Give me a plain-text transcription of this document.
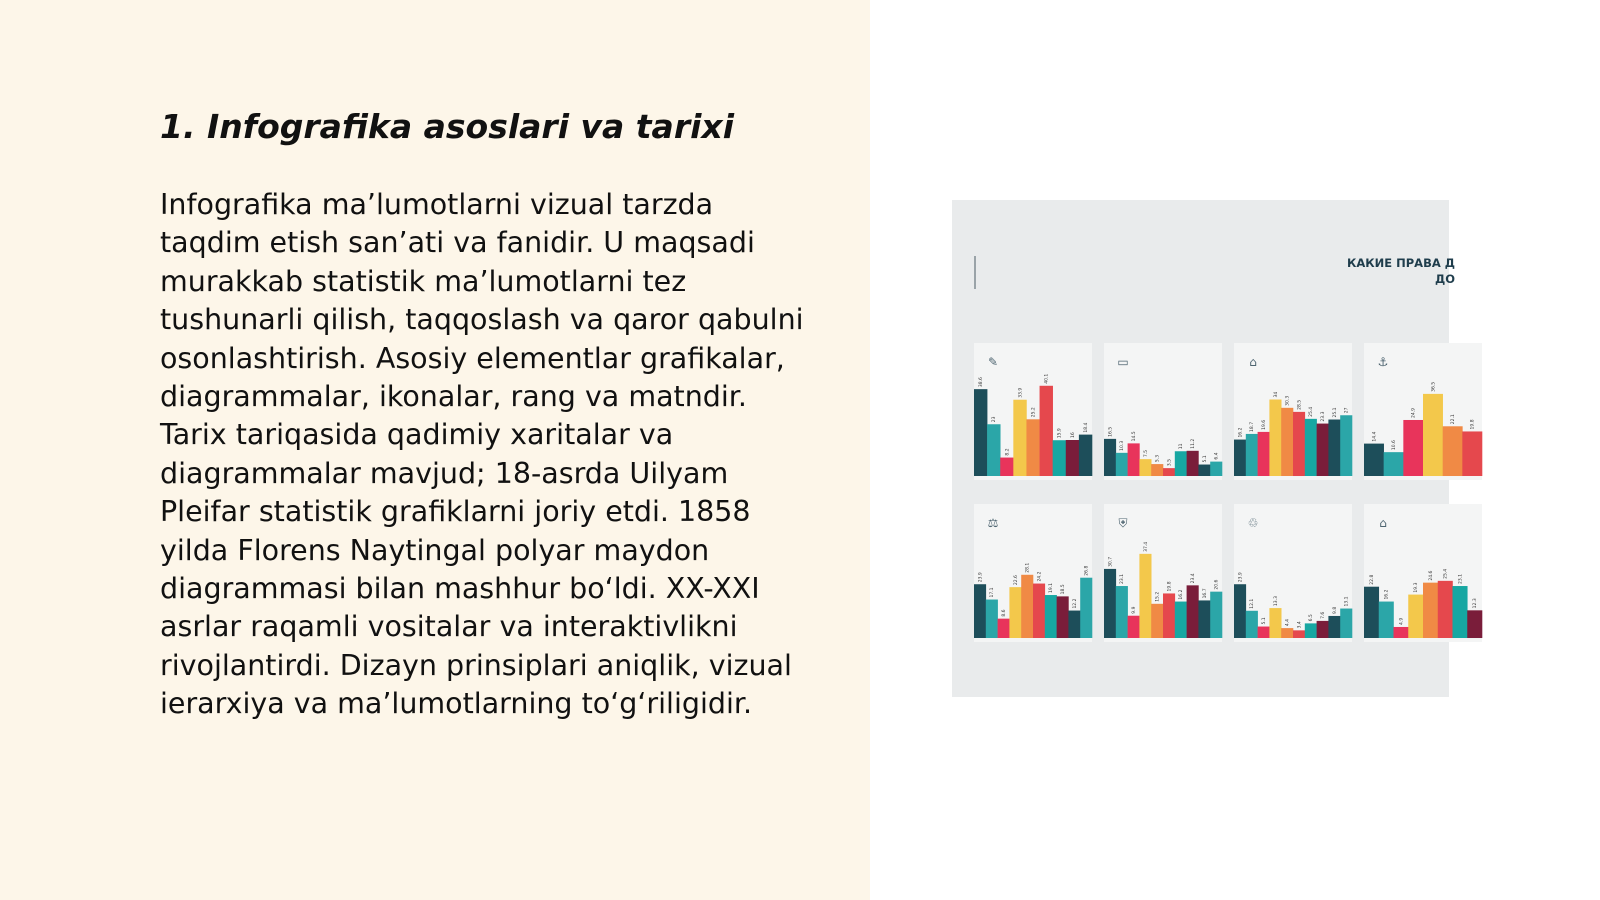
1. Infografika asoslari va tarixi

Infografika ma’lumotlarni vizual tarzda
taqdim etish san’ati va fanidir. U maqsadi
murakkab statistik ma’lumotlarni tez
tushunarli qilish, taqqoslash va qaror qabulni
osonlashtirish. Asosiy elementlar grafikalar,
diagrammalar, ikonalar, rang va matndir.
Tarix tariqasida qadimiy xaritalar va
diagrammalar mavjud; 18-asrda Uilyam
Pleifar statistik grafiklarni joriy etdi. 1858
yilda Florens Naytingal polyar maydon
diagrammasi bilan mashhur bo‘ldi. XX-XXI
asrlar raqamli vositalar va interaktivlikni
rivojlantirdi. Dizayn prinsiplari aniqlik, vizual
ierarxiya va ma’lumotlarning to‘g‘riligidir.

КАКИЕ ПРАВА Д
ДО
✎

38.6
23
8.2
33.9
25.2
40.1
15.9 16
18.4
▭

16.5
10.3
14.5
7.5
5.3
3.5
11 11.2
5.1 6.4
⌂

16.2
18.7 19.6
34
30.3 28.5
25.4 23.3 25.1 27
⚓

14.4
10.6
24.9
36.5
22.1
19.8
⚖

23.9
17.1
8.6
22.6
28.1
24.2
19.1 18.5
12.2
26.8
⛨

30.7
23.1
9.9
37.4
15.2
19.8
16.2
23.4
16.7
20.6
♲

23.9
12.1
5.1
13.3
4.4 3.4
6.5 7.6
9.8
13.1
⌂

22.8
16.2
4.9
19.3
24.6 25.4
23.1
12.3
